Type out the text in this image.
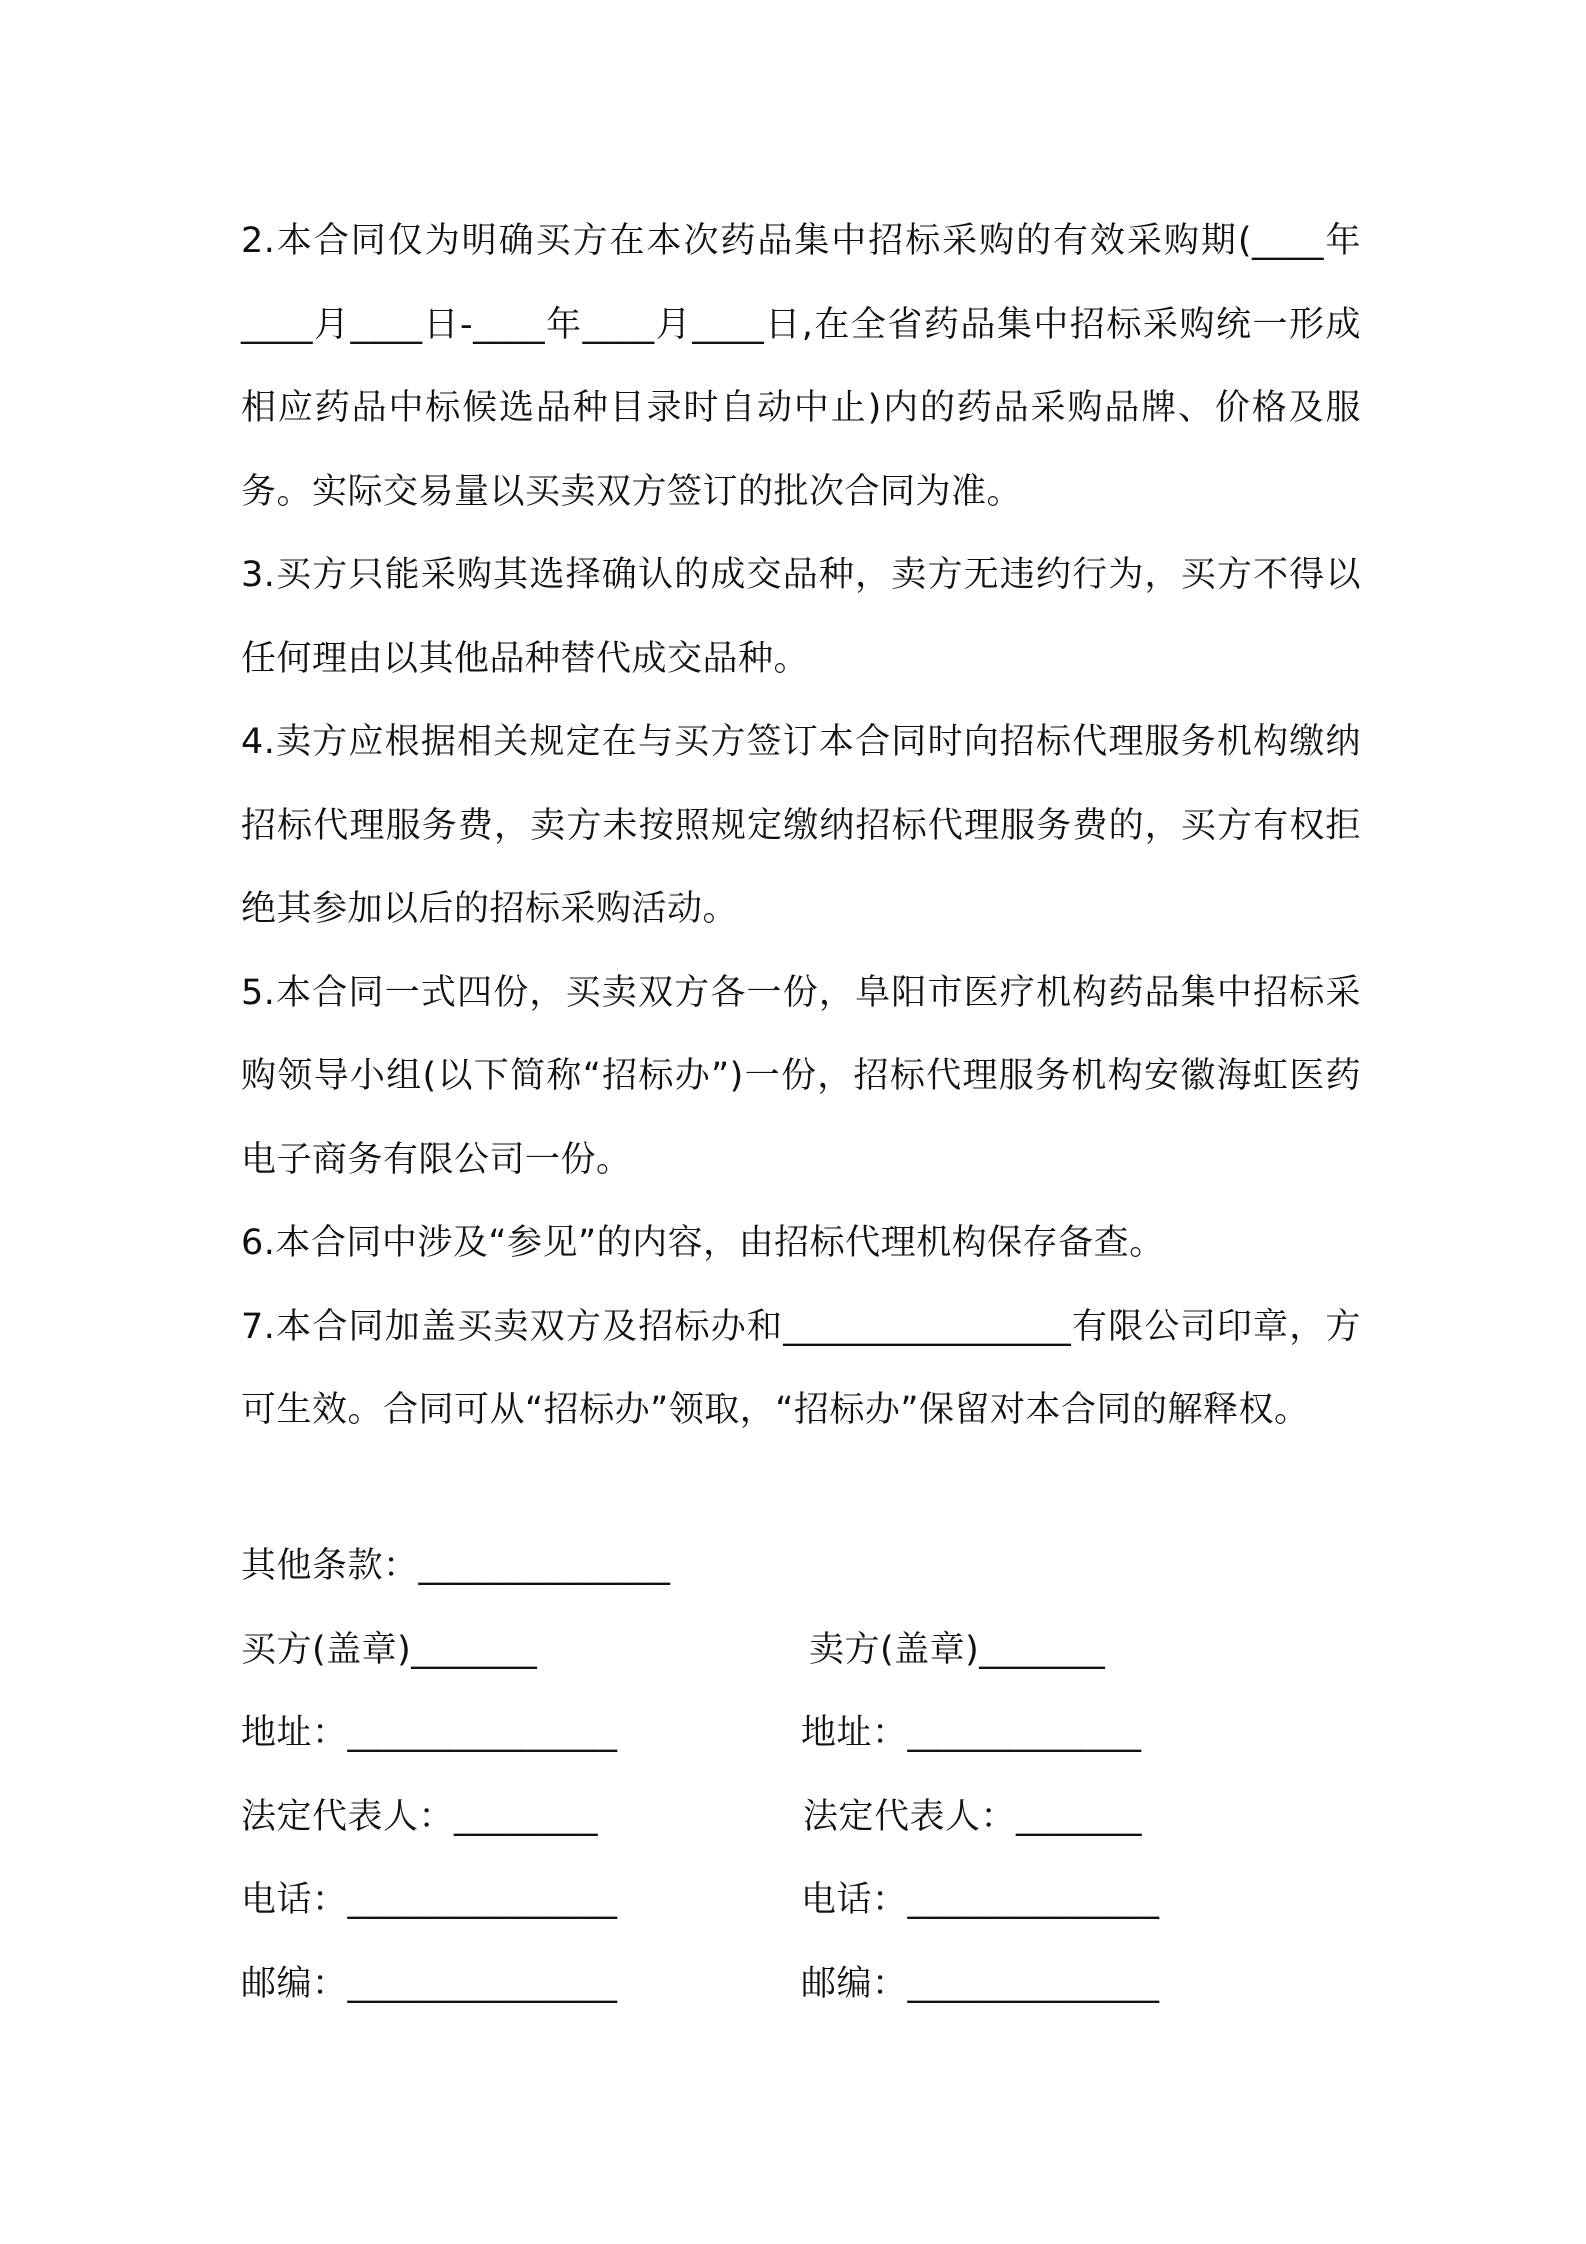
2.本合同仅为明确买方在本次药品集中招标采购的有效采购期(____年____月____日-____年____月____日,在全省药品集中招标采购统一形成相应药品中标候选品种目录时自动中止)内的药品采购品牌、价格及服务。实际交易量以买卖双方签订的批次合同为准。

3.买方只能采购其选择确认的成交品种，卖方无违约行为，买方不得以任何理由以其他品种替代成交品种。

4.卖方应根据相关规定在与买方签订本合同时向招标代理服务机构缴纳招标代理服务费，卖方未按照规定缴纳招标代理服务费的，买方有权拒绝其参加以后的招标采购活动。

5.本合同一式四份，买卖双方各一份，阜阳市医疗机构药品集中招标采购领导小组(以下简称“招标办”)一份，招标代理服务机构安徽海虹医药电子商务有限公司一份。

6.本合同中涉及“参见”的内容，由招标代理机构保存备查。

7.本合同加盖买卖双方及招标办和________________有限公司印章，方可生效。合同可从“招标办”领取，“招标办”保留对本合同的解释权。

其他条款：______________
买方(盖章)_______	卖方(盖章)_______
地址：_______________	地址：_____________
法定代表人：________	法定代表人：_______
电话：_______________	电话：______________
邮编：_______________	邮编：______________
